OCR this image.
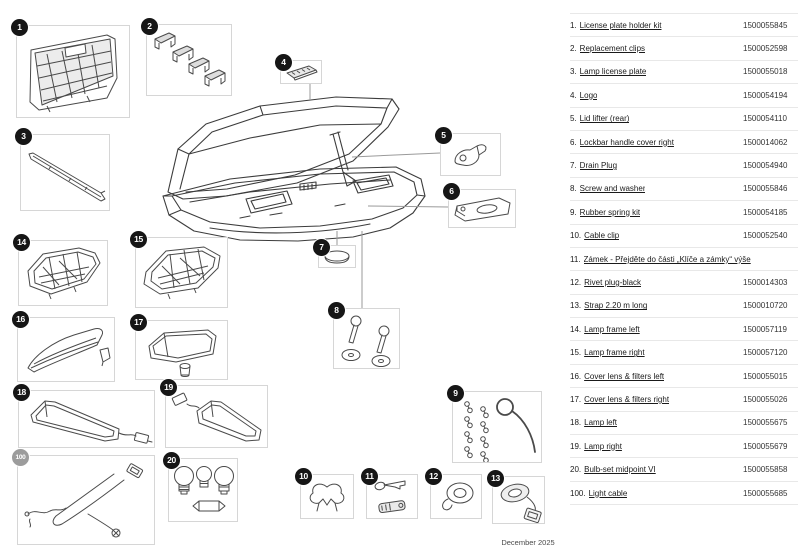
1	2
3
4
5
6
7
8
9
10	11	12	13
14	15
16	17
18	19
100	20
1. License plate holder kit	1500055845
2. Replacement clips	1500052598
3. Lamp license plate	1500055018
4. Logo	1500054194
5. Lid lifter (rear)	1500054110
6. Lockbar handle cover right	1500014062
7. Drain Plug	1500054940
8. Screw and washer	1500055846
9. Rubber spring kit	1500054185
10. Cable clip	1500052540
11. Zámek - Přejděte do části „Klíče a zámky“ výše
12. Rivet plug-black	1500014303
13. Strap 2.20 m long	1500010720
14. Lamp frame left	1500057119
15. Lamp frame right	1500057120
16. Cover lens & filters left	1500055015
17. Cover lens & filters right	1500055026
18. Lamp left	1500055675
19. Lamp right	1500055679
20. Bulb-set midpoint VI	1500055858
100. Light cable	1500055685
December 2025
